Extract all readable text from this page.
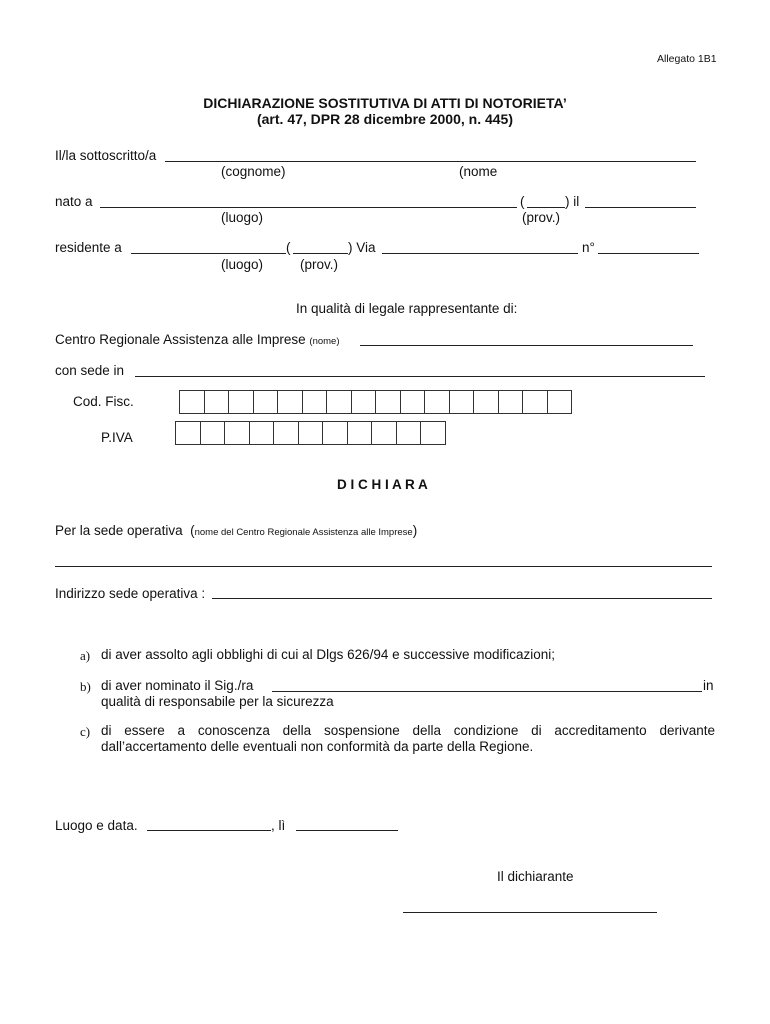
Allegato 1B1
DICHIARAZIONE SOSTITUTIVA DI ATTI DI NOTORIETA’
(art. 47, DPR 28 dicembre 2000, n. 445)
Il/la sottoscritto/a
(cognome)	(nome
nato a	(	) il
(luogo)	(prov.)
residente a	(	) Via	n°
(luogo)	(prov.)
In qualità di legale rappresentante di:
Centro Regionale Assistenza alle Imprese (nome)
con sede in
Cod. Fisc.
P.IVA
D I C H I A R A
Per la sede operativa (nome del Centro Regionale Assistenza alle Imprese)
Indirizzo sede operativa :
a) di aver assolto agli obblighi di cui al Dlgs 626/94 e successive modificazioni;
b) di aver nominato il Sig./ra	in
qualità di responsabile per la sicurezza
c) di essere a conoscenza della sospensione della condizione di accreditamento derivante dall’accertamento delle eventuali non conformità da parte della Regione.
Luogo e data.	, lì
Il dichiarante
